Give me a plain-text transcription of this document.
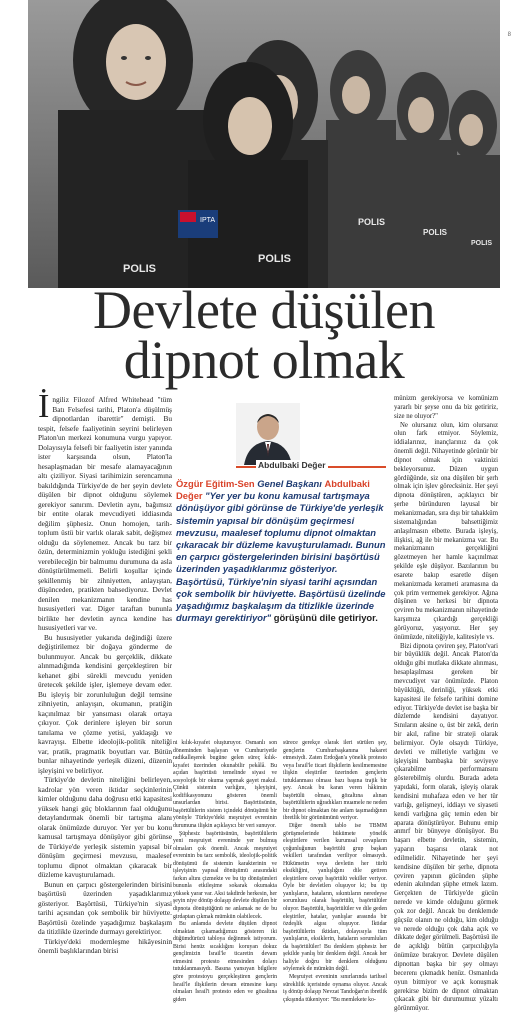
IPTA
POLIS
POLIS
POLIS
POLIS
POLIS
8
Devlete düşülen
dipnot olmak

İngiliz Filozof Alfred Whitehead "tüm Batı Felsefesi tarihi, Platon'a düşülmüş dipnotlardan ibarettir" demişti. Bu tespit, felsefe faaliyetinin seyrini belirleyen Platon'un merkezi konumuna vurgu yapıyor. Dolayısıyla felsefi bir faaliyetin ister yanında ister karşısında olsun, Platon'la hesaplaşmadan bir mesafe alamayacağının altı çiziliyor. Siyasi tarihimizin serencamına bakıldığında Türkiye'de de her şeyin devlete düşülen bir dipnot olduğunu söylemek gerekiyor sanırım. Devletin aynı, bağımsız bir entite olarak mevcudiyeti iddiasında değilim şüphesiz. Onun homojen, tarih-toplum üstü bir varlık olarak sabit, değişmez olduğu da söylenemez. Ancak bu tarz bir özün, determinizmin yokluğu istediğini şekli verebileceğin bir balmumu durumuna da asla dönüştürülmemeli. Belirli koşullar içinde şekillenmiş bir zihniyetten, anlayıştan, düşünceden, pratikten bahsediyoruz. Devlet denilen mekanizmanın kendine has hususiyetleri var. Diger taraftan bununla birlikte her devletin ayrıca kendine has hususiyetleri var ve.

Bu hususiyetler yukarıda değindiği üzere değiştirilemez bir doğaya gönderme de bulunmuyor. Ancak bu gerçeklik, dikkate alınmadığında kendisini gerçekleştiren bir kehanet gibi sürekli mevcudu yeniden üretecek şekilde işler, işlemeye devam eder. Bu işleyiş bir zorunluluğun değil temsine zihniyetin, anlayışın, okumanın, pratiğin kaçınılmaz bir yansıması olarak ortaya çıkıyor. Çok derinlere işleyen bir sorun tanılama ve çözme yetisi, yaklaşığı ve kavrayışı. Elbette ideolojik-politik niteliği var, pratik, pragmatik boyutları var. Bütün bunlar nihayetinde yerleşik düzeni, düzenin işleyişini ve belirliyor.

Türkiye'de devletin niteliğini belirleyen, kadrolar yön veren iktidar seçkinlerinin kimler olduğunu daha doğrusu etki kapasitesi yüksek hangi güç bloklarının faal olduğunu detaylandırmak önemli bir tartışma alanı olarak önümüzde duruyor. Yer yer bu konu kamusal tartışmaya dönüşüyor gibi görünse de Türkiye'de yerleşik sistemin yapısal bir dönüşüm geçirmesi mevzusu, maalesef toplumu dipnot olmaktan çıkaracak bir düzleme kavuşturulamadı.

Bunun en çarpıcı göstergelerinden birisini başörtüsü üzerinden yaşadıklarımız gösteriyor. Başörtüsü, Türkiye'nin siyasi tarihi açısından çok sembolik bir hüviyette. Başörtüsü özelinde yaşadığımız başkalaşım da titizlikle üzerinde durmayı gerektiriyor.

Türkiye'deki modernleşme hikâyesinin önemli başlıklarından birisi

Abdulbaki Değer
Özgür Eğitim-Sen Genel Başkanı Abdulbaki Değer "Yer yer bu konu kamusal tartışmaya dönüşüyor gibi görünse de Türkiye'de yerleşik sistemin yapısal bir dönüşüm geçirmesi mevzusu, maalesef toplumu dipnot olmaktan çıkaracak bir düzleme kavuşturulamadı. Bunun en çarpıcı göstergelerinden birisini başörtüsü üzerinden yaşadıklarımız gösteriyor. Başörtüsü, Türkiye'nin siyasi tarihi açısından çok sembolik bir hüviyette. Başörtüsü üzelinde yaşadığımız başkalaşım da titizlikle üzerinde durmayı gerektiriyor" görüşünü dile getiriyor.

ni kılık-kıyafet oluşturuyor. Osmanlı son döneminden başlayan ve Cumhuriyetle radikalleşerek bugüne gelen süreç kılık-kıyafet üzerinden okunabilir pekâlâ. Bu açıdan başörtüsü temelinde siyasi ve sosyolojik bir okuma yapmak gayet makul. Çünkü sistemin varlığını, işleyişini, kodifikasyonunu gösteren önemli unsurlardan birisi. Başörtüsünün, başörtülülerin sistem içindeki dönüşümü bir yönüyle Türkiye'deki meşruiyet evreninin durumuna ilişkin açıklayıcı bir veri sunuyor.

Şüphesiz başörtüsünün, başörtülülerin yeni meşruiyet evreninde yer bulmuş olmaları çok önemli. Ancak meşruiyet evreninin bu tarz sembolik, ideolojik-politik dönüşümü ile sistemin karakterinin ve işleyişinin yapısal dönüşümü arasındaki farkın altını çizmekte ve bu tip dönüşümleri bununla etkileşime sokarak okumakta yüksek yarar var. Aksi takdirde herkesin, her şeyin niye dönüp dolaşıp devlete düşülen bir dipnota dönüştüğünü ne anlamak ne de bu girdaptan çıkmak mümkün olabilecek.

Bu anlamda devlete düşülen dipnot olmaktan çıkamadığımızı gösteren iki düğümdürücü tabloya değinmek istiyorum. Birisi henüz sıcaklığını koruyan dokuz gençlimizin İsrail'le ticaretin devam etmesini protesto etmesinden dolayı tutuklanmasıydı. Basına yansıyan bilgilere göre protestoyu gerçekleştiren gençlerin İsrail'le ilişkilerin devam etmesine karşı olmaları İsrail'i protesto eden ve gözaltına giden

sürece gerekçe olarak ileri sürülen şey, gençlerin Cumhurbaşkanına hakaret etmesiydi. Zaten Erdoğan'a yönelik protesto veya İsrail'le ticari ilişkilerin kesilmemesine ilişkin eleştiriler üzerinden gençlerin tutuklanması olması bazı başına trajik bir şey. Ancak bu karan veren hâkimin başörtülü olması, gözaltına alınan başörtülülerin uğradıkları muamele ne neden bir dipnot olmaktan öte anlam taşımadığının ibretlik bir görünümünü veriyor.

Diğer önemli tablo ise TBMM görüşmelerinde hükümete yönelik eleştirilere verilen kurumsal cevapların çoğunluğunun başörtülü grup başkan vekilleri tarafından veriliyor olmasıydı. Hükümetin veya devletin her türlü eksikliğini, yanlışlığını dile getiren eleştirilere cevap başörtülü vekiller veriyor. Öyle bir devletlen oluşuyor ki; bu tip yanlışların, hataların, sıkıntıların neredeyse sorumlusu olarak başörtülü, başörtülüler oluyor. Başörtülü, başörtülüler ve dile geden eleştiriler, hatalar, yanlışlar arasında bir özdeşlik algısı oluşuyor. İktidar başörtülülerin iktidarı, dolayısıyla tüm yanlışların, eksiklerin, hataların sorumluları da başörtülüler! Bu denklem şüphesiz her şekilde yanlış bir denklem değil. Ancak her haliyle doğru bir denklem olduğunu söylemek de mümkün değil.

Meşruiyet evreninin sınırlarında tarihsel süreklilik içerisinde oynama oluyor. Ancak iş dönüp dolaşıp Nevzat Tandoğan'ın ibretlik çıkışında tükeniyor: "Bu memlekete ko-

münizm gerekiyorsa ve komünizm yararlı bir şeyse onu da biz getiririz, size ne oluyor?"

Ne olursanız olun, kim olursanız olun fark etmiyor. Söylemiz, iddialarınız, inançlarınız da çok önemli değil. Nihayetinde görünür bir dipnot olmak için vaktinizi bekleyorsunuz. Düzen uygun gördüğünde, siz ona düşülen bir şerh olmak için işlev görecksiniz. Her şeyi dipnota dönüştüren, açıklayıcı bir şerhe büründuren layusal bir mekanizmadan, sıra dışı bir tahakküm sistemalığından bahsettiğimiz anlaşılmasın elbette. Burada işleyiş, ilişkisi, ağ ile bir mekanizma var. Bu mekanizmanın gerçekliğini gözetmeyen her hamle kaçınılmaz şekilde eşle düşüyor. Bazılarının bu esarete bakıp esaretle düşen mekanizmada kerameti aramasına da çok prim vermemek gerekiyor. Ağına düşünen ve herkesi bir dipnota çeviren bu mekanizmanın nihayetinde karşımıza çıkardığı gerçekliği görüyoruz, yaşıyoruz. Her şey önümüzde, niteliğiyle, kalitesiyle vs.

Bizi dipnota çeviren şey, Platon'vari bir büyüklük değil. Ancak Platon'da olduğu gibi mutlaka dikkate alınması, hesaplaşılması gereken bir mevcudiyet var önümüzde. Platon büyüklüğü, derinliği, yüksek etki kapasitesi ile felsefe tarihini domine ediyor. Türkiye'de devlet ise başka bir düzlemde kendisini dayatıyor. Sınıların aksine o, üst bir zekâ, derin bir akıl, rafine bir strateji olarak belirmiyor. Öyle olsaydı Türkiye, devleti ve milletiyle varlığını ve işleyişini bambaşka bir seviyeye çıkarabilme performansını gösterebilmiş olurdu. Burada adeta yapıdaki, form olarak, işleyiş olarak kendisini muhafaza eden ve her tür varlığı, gelişmeyi, iddiayı ve siyaseti kendi varlığına güç temin eden bir aparata dönüştürüyor. Buhunu emip anmrf bir bünyeye dönüşüyor. Bu başarı elbette devletin, sistemin, yaparın başarısı olarak not edilmelidir. Nihayetinde her şeyi kendisine düşülen bir şerhe, dipnota çeviren yapının gücünden şüphe edenin akılından şüphe etmek lazım. Gerçekten de Türkiye'de gücün nerede ve kimde olduğunu görmek çok zor değil. Ancak bu denklemde güçsüz olanın ne olduğu, kim olduğu ve nerede olduğu çok daha açık ve dikkate değer görülmeli. Başörtüsü ile de açıklığı bütün çarpıcılığıyla önümüze bırakıyor. Devlete düşülen dipnottan başka bir şey olmayı becerenı çıkmadık henüz. Osmanlıda oyun bitmiyor ve açık konuşmak gerekirse bizim de dipnot olmaktan çıkacak gibi bir durumumuz yüzaltı görünmüyor.
